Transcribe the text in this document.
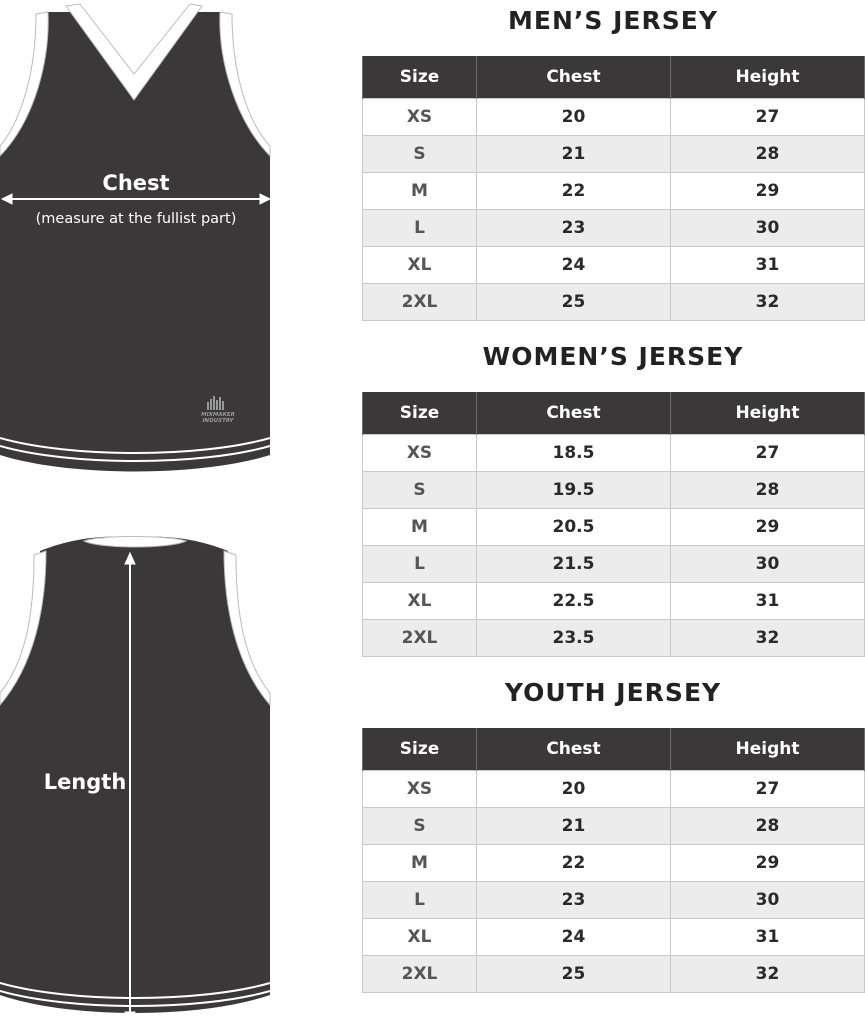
Chest
(measure at the fullist part)
MIXMAKER
INDUSTRY
Length
MEN’S JERSEY
Size	Chest	Height
XS	20	27
S	21	28
M	22	29
L	23	30
XL	24	31
2XL	25	32
WOMEN’S JERSEY
Size	Chest	Height
XS	18.5	27
S	19.5	28
M	20.5	29
L	21.5	30
XL	22.5	31
2XL	23.5	32
YOUTH JERSEY
Size	Chest	Height
XS	20	27
S	21	28
M	22	29
L	23	30
XL	24	31
2XL	25	32
